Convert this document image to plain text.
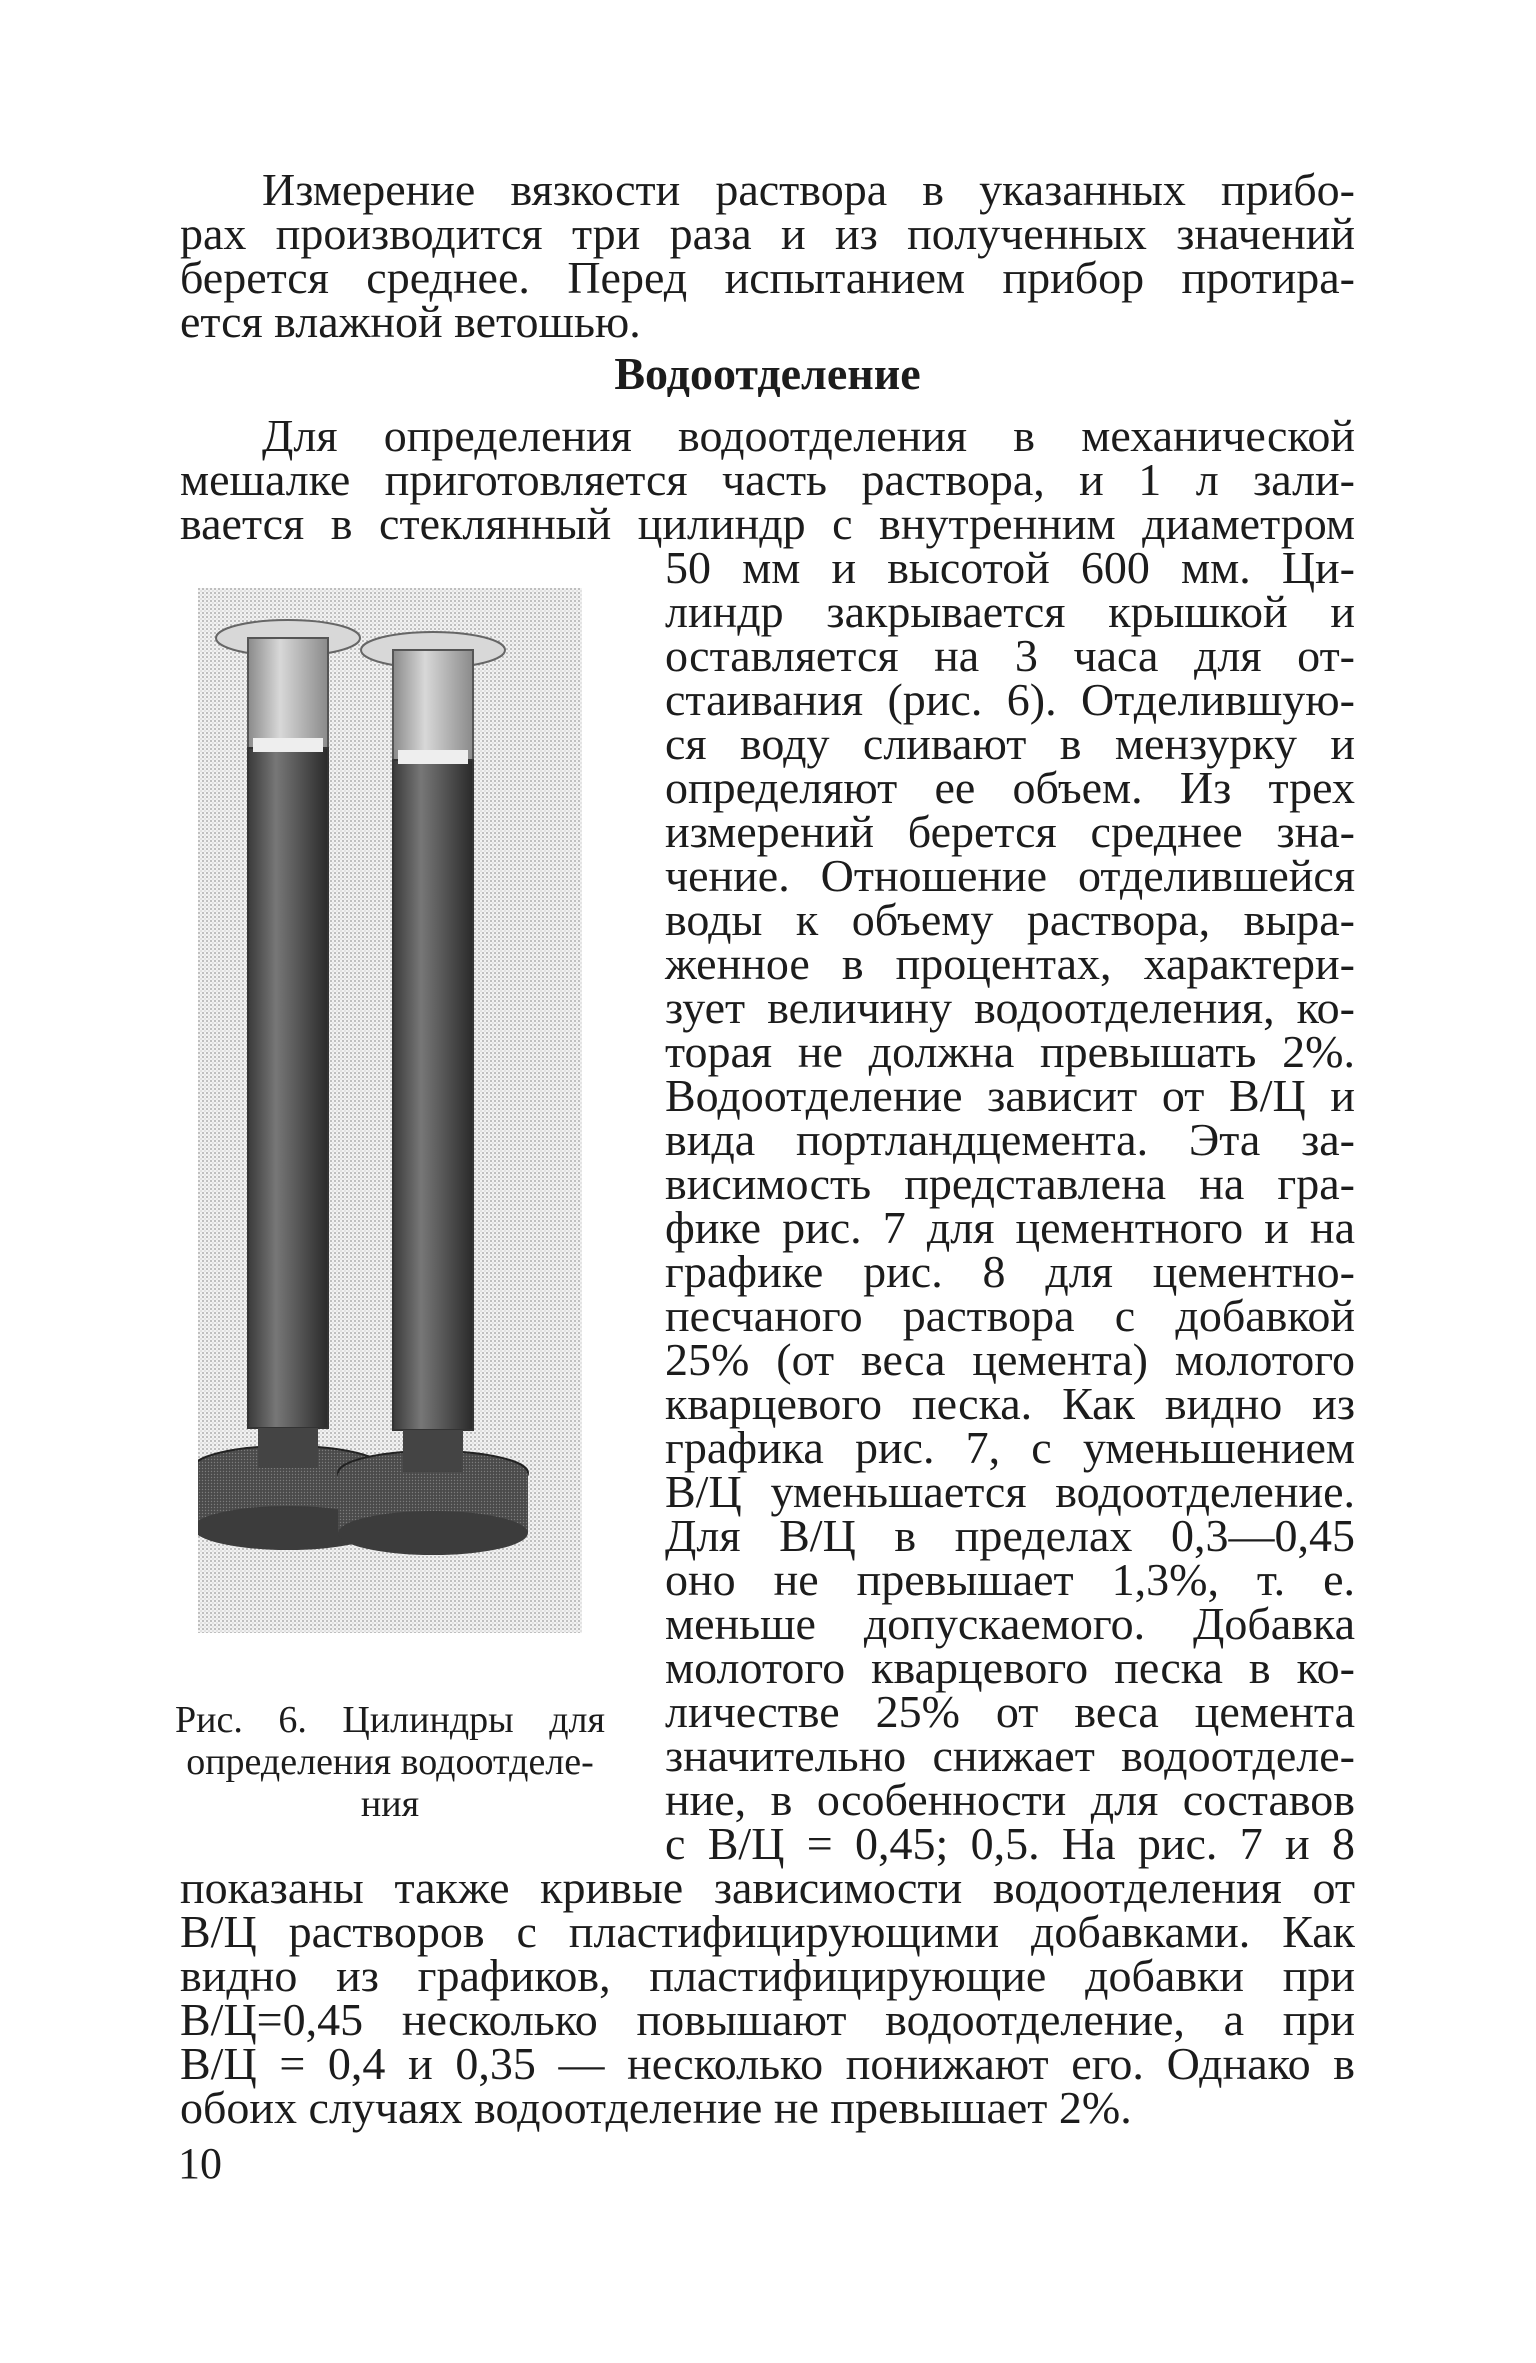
Измерение вязкости раствора в указанных прибо-
рах производится три раза и из полученных значений
берется среднее. Перед испытанием прибор протира-
ется влажной ветошью.
Водоотделение
Для определения водоотделения в механической
мешалке приготовляется часть раствора, и 1 л зали-
вается в стеклянный цилиндр с внутренним диаметром
50 мм и высотой 600 мм. Ци-
линдр закрывается крышкой и
оставляется на 3 часа для от-
стаивания (рис. 6). Отделившую-
ся воду сливают в мензурку и
определяют ее объем. Из трех
измерений берется среднее зна-
чение. Отношение отделившейся
воды к объему раствора, выра-
женное в процентах, характери-
зует величину водоотделения, ко-
торая не должна превышать 2%.
Водоотделение зависит от В/Ц и
вида портландцемента. Эта за-
висимость представлена на гра-
фике рис. 7 для цементного и на
графике рис. 8 для цементно-
песчаного раствора с добавкой
25% (от веса цемента) молотого
кварцевого песка. Как видно из
графика рис. 7, с уменьшением
В/Ц уменьшается водоотделение.
Для В/Ц в пределах 0,3—0,45
оно не превышает 1,3%, т. е.
меньше допускаемого. Добавка
молотого кварцевого песка в ко-
личестве 25% от веса цемента
значительно снижает водоотделе-
ние, в особенности для составов
с В/Ц = 0,45; 0,5. На рис. 7 и 8
показаны также кривые зависимости водоотделения от
В/Ц растворов с пластифицирующими добавками. Как
видно из графиков, пластифицирующие добавки при
В/Ц=0,45 несколько повышают водоотделение, а при
В/Ц = 0,4 и 0,35 — несколько понижают его. Однако в
обоих случаях водоотделение не превышает 2%.
Рис. 6. Цилиндры для
определения водоотделе-
ния
10
